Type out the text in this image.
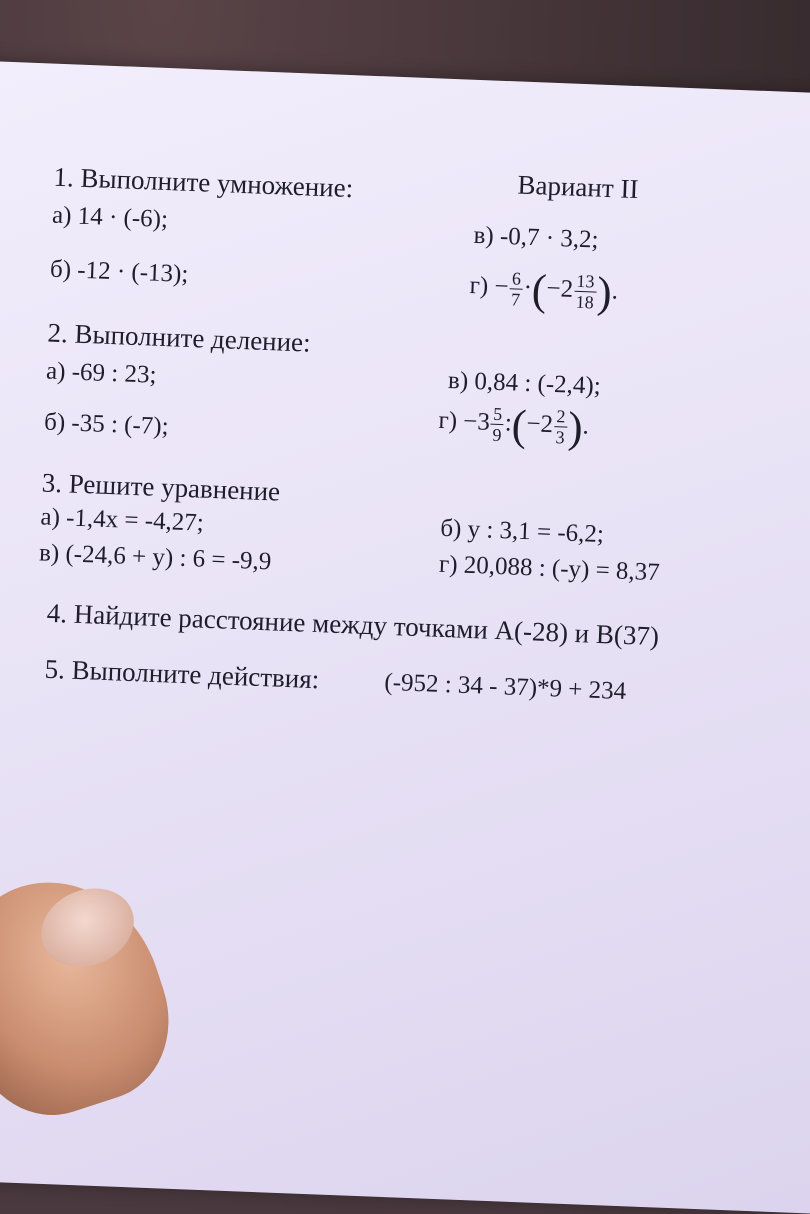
Вариант II
1. Выполните умножение:
а) 14 · (-6);
б) -12 · (-13);
в) -0,7 · 3,2;
$г) - \frac{6}{7} \cdot(-2 \frac{13}{18}$ ).
2. Выполните деление:
а) -69 : 23;
б) -35 : (-7);
в) 0,84 : (-2,4);
$г) -3 \frac{5}{9}$ :(−2 $\frac{2}{3}$ ).
3. Решите уравнение
а) -1,4x = -4,27;
в) (-24,6 + y) : 6 = -9,9
б) y : 3,1 = -6,2;
г) 20,088 : (-y) = 8,37
4. Найдите расстояние между точками А(-28) и В(37)
5. Выполните действия:	(-952 : 34 - 37)*9 + 234
